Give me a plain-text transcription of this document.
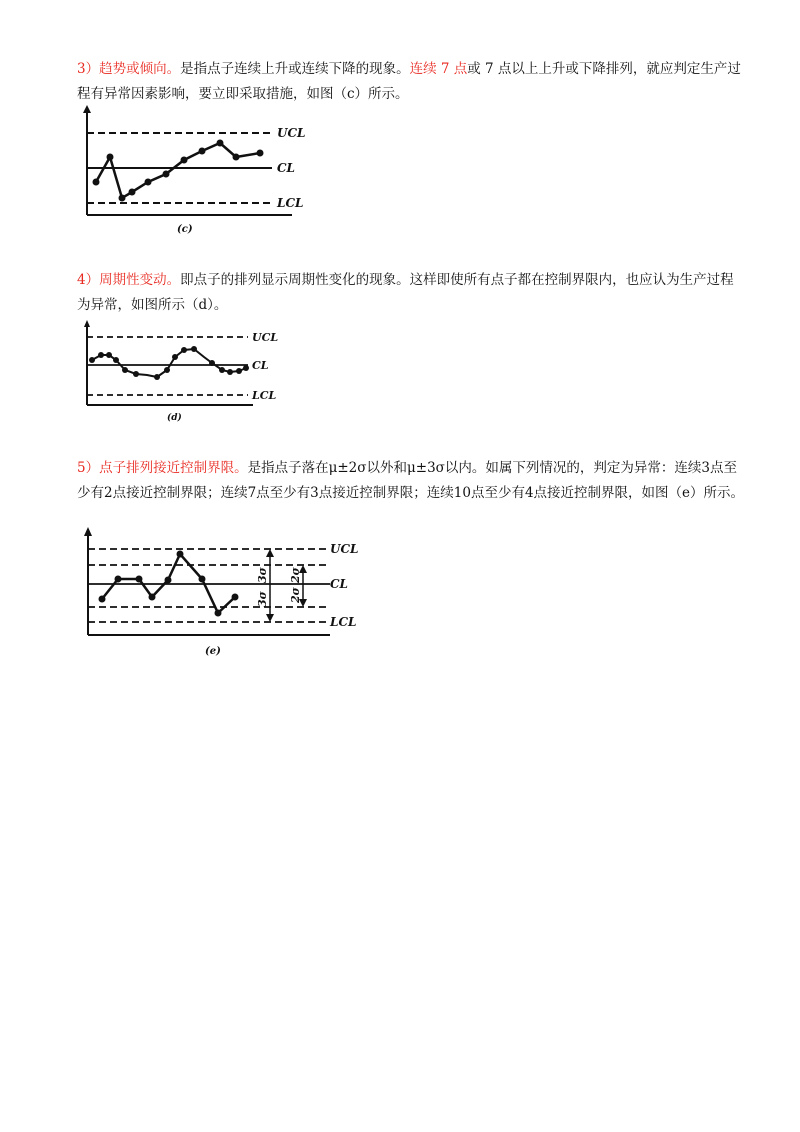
3）趋势或倾向。是指点子连续上升或连续下降的现象。连续 7 点或 7 点以上上升或下降排列，就应判定生产过程有异常因素影响，要立即采取措施，如图（c）所示。
UCL
CL
LCL
(c)
4）周期性变动。即点子的排列显示周期性变化的现象。这样即使所有点子都在控制界限内，也应认为生产过程为异常，如图所示（d）。
UCL
CL
LCL
(d)
5）点子排列接近控制界限。是指点子落在μ±2σ以外和μ±3σ以内。如属下列情况的，判定为异常：连续3点至少有2点接近控制界限；连续7点至少有3点接近控制界限；连续10点至少有4点接近控制界限，如图（e）所示。
3σ
3σ
2σ
2σ
UCL
CL
LCL
(e)
